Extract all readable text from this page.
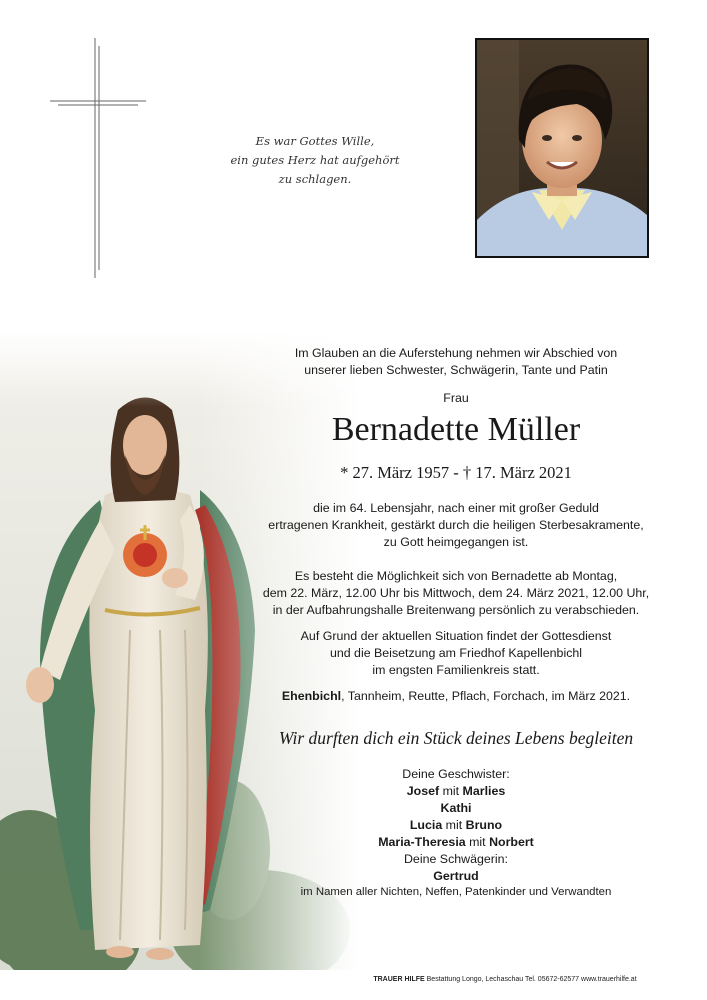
Es war Gottes Wille,
ein gutes Herz hat aufgehört
zu schlagen.
Im Glauben an die Auferstehung nehmen wir Abschied von
unserer lieben Schwester, Schwägerin, Tante und Patin
Frau
Bernadette Müller
* 27. März 1957 - † 17. März 2021
die im 64. Lebensjahr, nach einer mit großer Geduld
ertragenen Krankheit, gestärkt durch die heiligen Sterbesakramente,
zu Gott heimgegangen ist.
Es besteht die Möglichkeit sich von Bernadette ab Montag,
dem 22. März, 12.00 Uhr bis Mittwoch, dem 24. März 2021, 12.00 Uhr,
in der Aufbahrungshalle Breitenwang persönlich zu verabschieden.
Auf Grund der aktuellen Situation findet der Gottesdienst
und die Beisetzung am Friedhof Kapellenbichl
im engsten Familienkreis statt.
Ehenbichl, Tannheim, Reutte, Pflach, Forchach, im März 2021.
Wir durften dich ein Stück deines Lebens begleiten
Deine Geschwister:
Josef mit Marlies
Kathi
Lucia mit Bruno
Maria-Theresia mit Norbert
Deine Schwägerin:
Gertrud
im Namen aller Nichten, Neffen, Patenkinder und Verwandten
TRAUER HILFE Bestattung Longo, Lechaschau Tel. 05672-62577 www.trauerhilfe.at
